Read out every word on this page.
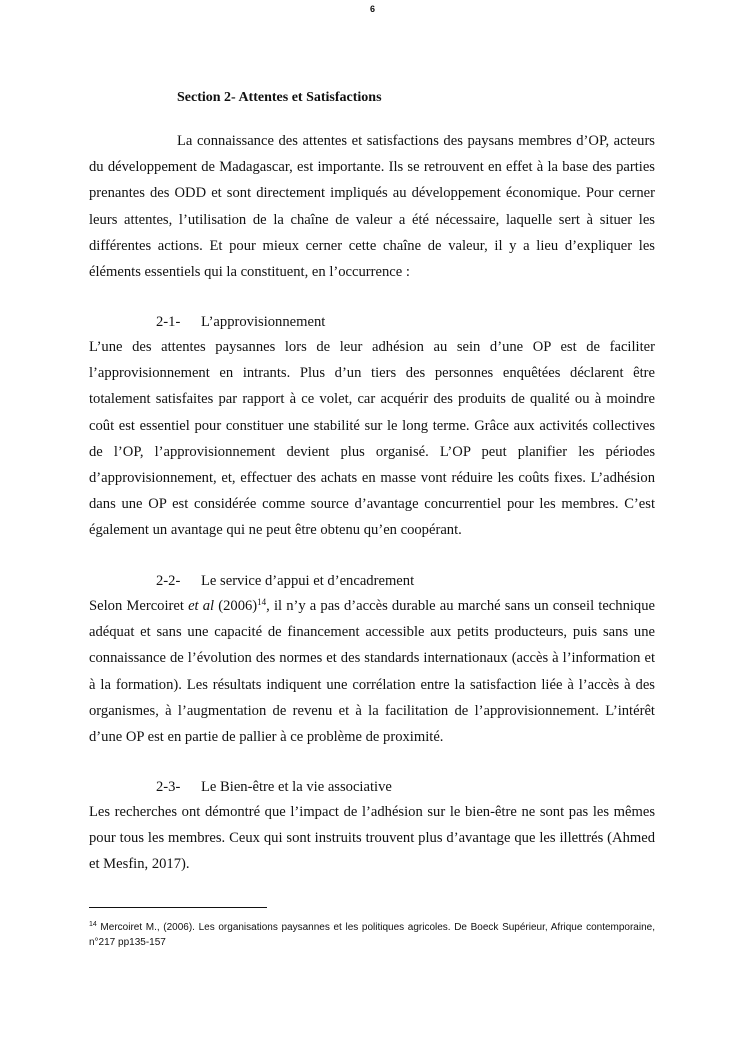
6
Section 2- Attentes et Satisfactions

La connaissance des attentes et satisfactions des paysans membres d’OP, acteurs du développement de Madagascar, est importante. Ils se retrouvent en effet à la base des parties prenantes des ODD et sont directement impliqués au développement économique. Pour cerner leurs attentes, l’utilisation de la chaîne de valeur a été nécessaire, laquelle sert à situer les différentes actions. Et pour mieux cerner cette chaîne de valeur, il y a lieu d’expliquer les éléments essentiels qui la constituent, en l’occurrence :

2-1- L’approvisionnement

L’une des attentes paysannes lors de leur adhésion au sein d’une OP est de faciliter l’approvisionnement en intrants. Plus d’un tiers des personnes enquêtées déclarent être totalement satisfaites par rapport à ce volet, car acquérir des produits de qualité ou à moindre coût est essentiel pour constituer une stabilité sur le long terme. Grâce aux activités collectives de l’OP, l’approvisionnement devient plus organisé. L’OP peut planifier les périodes d’approvisionnement, et, effectuer des achats en masse vont réduire les coûts fixes. L’adhésion dans une OP est considérée comme source d’avantage concurrentiel pour les membres. C’est également un avantage qui ne peut être obtenu qu’en coopérant.

2-2- Le service d’appui et d’encadrement

Selon Mercoiret et al $(2006)^{14}$, il n’y a pas d’accès durable au marché sans un conseil technique adéquat et sans une capacité de financement accessible aux petits producteurs, puis sans une connaissance de l’évolution des normes et des standards internationaux (accès à l’information et à la formation). Les résultats indiquent une corrélation entre la satisfaction liée à l’accès à des organismes, à l’augmentation de revenu et à la facilitation de l’approvisionnement. L’intérêt d’une OP est en partie de pallier à ce problème de proximité.

2-3- Le Bien-être et la vie associative

Les recherches ont démontré que l’impact de l’adhésion sur le bien-être ne sont pas les mêmes pour tous les membres. Ceux qui sont instruits trouvent plus d’avantage que les illettrés (Ahmed et Mesfin, 2017).

$^{14}$ Mercoiret M., (2006). Les organisations paysannes et les politiques agricoles. De Boeck Supérieur, Afrique contemporaine, n°217 pp135-157
